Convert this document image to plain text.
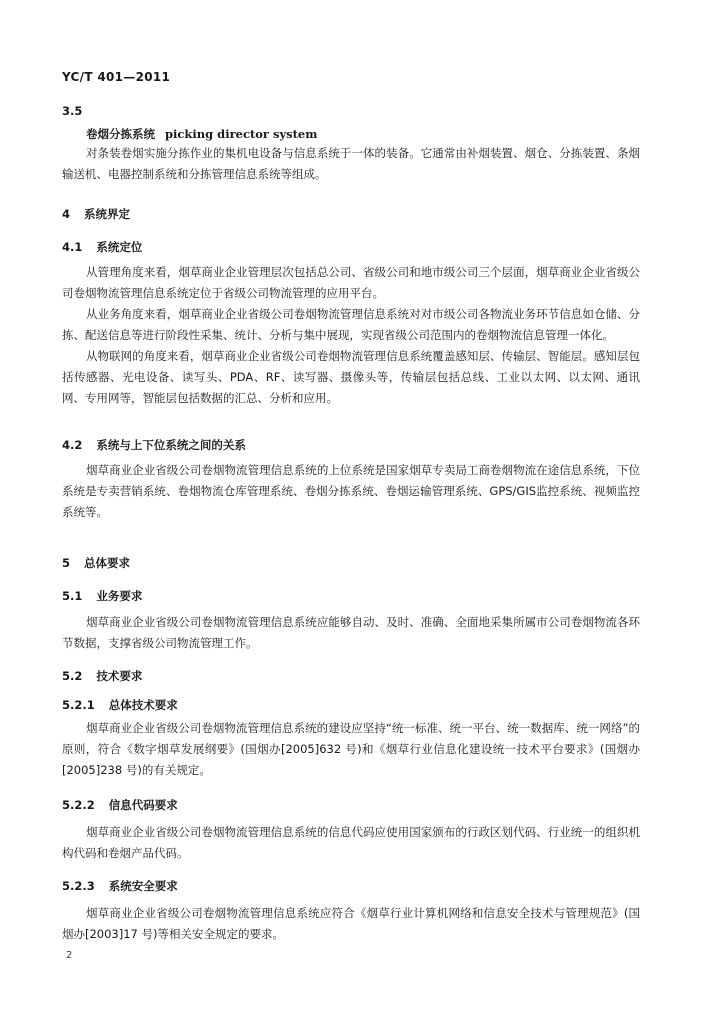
YC/T 401—2011
3.5
卷烟分拣系统 picking director system

对条装卷烟实施分拣作业的集机电设备与信息系统于一体的装备。它通常由补烟装置、烟仓、分拣装置、条烟输送机、电器控制系统和分拣管理信息系统等组成。

4 系统界定
4.1 系统定位

从管理角度来看，烟草商业企业管理层次包括总公司、省级公司和地市级公司三个层面，烟草商业企业省级公司卷烟物流管理信息系统定位于省级公司物流管理的应用平台。

从业务角度来看，烟草商业企业省级公司卷烟物流管理信息系统对对市级公司各物流业务环节信息如仓储、分拣、配送信息等进行阶段性采集、统计、分析与集中展现，实现省级公司范围内的卷烟物流信息管理一体化。

从物联网的角度来看，烟草商业企业省级公司卷烟物流管理信息系统覆盖感知层、传输层、智能层。感知层包括传感器、光电设备、读写头、PDA、RF、读写器、摄像头等，传输层包括总线、工业以太网、以太网、通讯网、专用网等，智能层包括数据的汇总、分析和应用。

4.2 系统与上下位系统之间的关系

烟草商业企业省级公司卷烟物流管理信息系统的上位系统是国家烟草专卖局工商卷烟物流在途信息系统，下位系统是专卖营销系统、卷烟物流仓库管理系统、卷烟分拣系统、卷烟运输管理系统、GPS/GIS监控系统、视频监控系统等。

5 总体要求
5.1 业务要求

烟草商业企业省级公司卷烟物流管理信息系统应能够自动、及时、准确、全面地采集所属市公司卷烟物流各环节数据，支撑省级公司物流管理工作。

5.2 技术要求
5.2.1 总体技术要求

烟草商业企业省级公司卷烟物流管理信息系统的建设应坚持“统一标准、统一平台、统一数据库、统一网络”的原则，符合《数字烟草发展纲要》(国烟办[2005]632 号)和《烟草行业信息化建设统一技术平台要求》(国烟办[2005]238 号)的有关规定。

5.2.2 信息代码要求

烟草商业企业省级公司卷烟物流管理信息系统的信息代码应使用国家颁布的行政区划代码、行业统一的组织机构代码和卷烟产品代码。

5.2.3 系统安全要求

烟草商业企业省级公司卷烟物流管理信息系统应符合《烟草行业计算机网络和信息安全技术与管理规范》(国烟办[2003]17 号)等相关安全规定的要求。

2
